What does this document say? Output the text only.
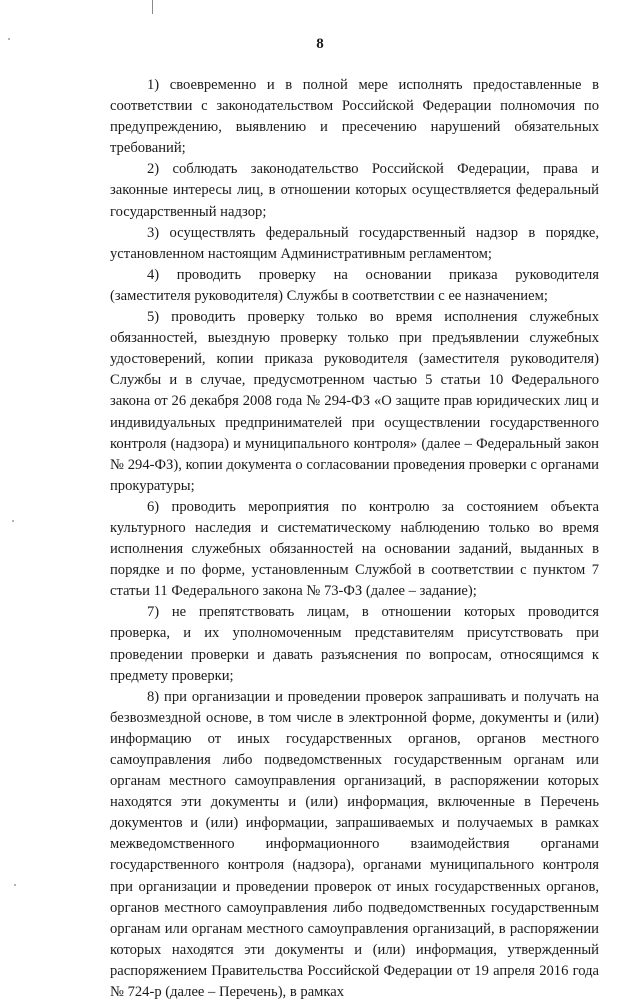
8

1) своевременно и в полной мере исполнять предоставленные в соответствии с законодательством Российской Федерации полномочия по предупреждению, выявлению и пресечению нарушений обязательных требований;

2) соблюдать законодательство Российской Федерации, права и законные интересы лиц, в отношении которых осуществляется федеральный государственный надзор;

3) осуществлять федеральный государственный надзор в порядке, установленном настоящим Административным регламентом;

4) проводить проверку на основании приказа руководителя (заместителя руководителя) Службы в соответствии с ее назначением;

5) проводить проверку только во время исполнения служебных обязанностей, выездную проверку только при предъявлении служебных удостоверений, копии приказа руководителя (заместителя руководителя) Службы и в случае, предусмотренном частью 5 статьи 10 Федерального закона от 26 декабря 2008 года № 294-ФЗ «О защите прав юридических лиц и индивидуальных предпринимателей при осуществлении государственного контроля (надзора) и муниципального контроля» (далее – Федеральный закон № 294-ФЗ), копии документа о согласовании проведения проверки с органами прокуратуры;

6) проводить мероприятия по контролю за состоянием объекта культурного наследия и систематическому наблюдению только во время исполнения служебных обязанностей на основании заданий, выданных в порядке и по форме, установленным Службой в соответствии с пунктом 7 статьи 11 Федерального закона № 73-ФЗ (далее – задание);

7) не препятствовать лицам, в отношении которых проводится проверка, и их уполномоченным представителям присутствовать при проведении проверки и давать разъяснения по вопросам, относящимся к предмету проверки;

8) при организации и проведении проверок запрашивать и получать на безвозмездной основе, в том числе в электронной форме, документы и (или) информацию от иных государственных органов, органов местного самоуправления либо подведомственных государственным органам или органам местного самоуправления организаций, в распоряжении которых находятся эти документы и (или) информация, включенные в Перечень документов и (или) информации, запрашиваемых и получаемых в рамках межведомственного информационного взаимодействия органами государственного контроля (надзора), органами муниципального контроля при организации и проведении проверок от иных государственных органов, органов местного самоуправления либо подведомственных государственным органам или органам местного самоуправления организаций, в распоряжении которых находятся эти документы и (или) информация, утвержденный распоряжением Правительства Российской Федерации от 19 апреля 2016 года № 724-р (далее – Перечень), в рамках
